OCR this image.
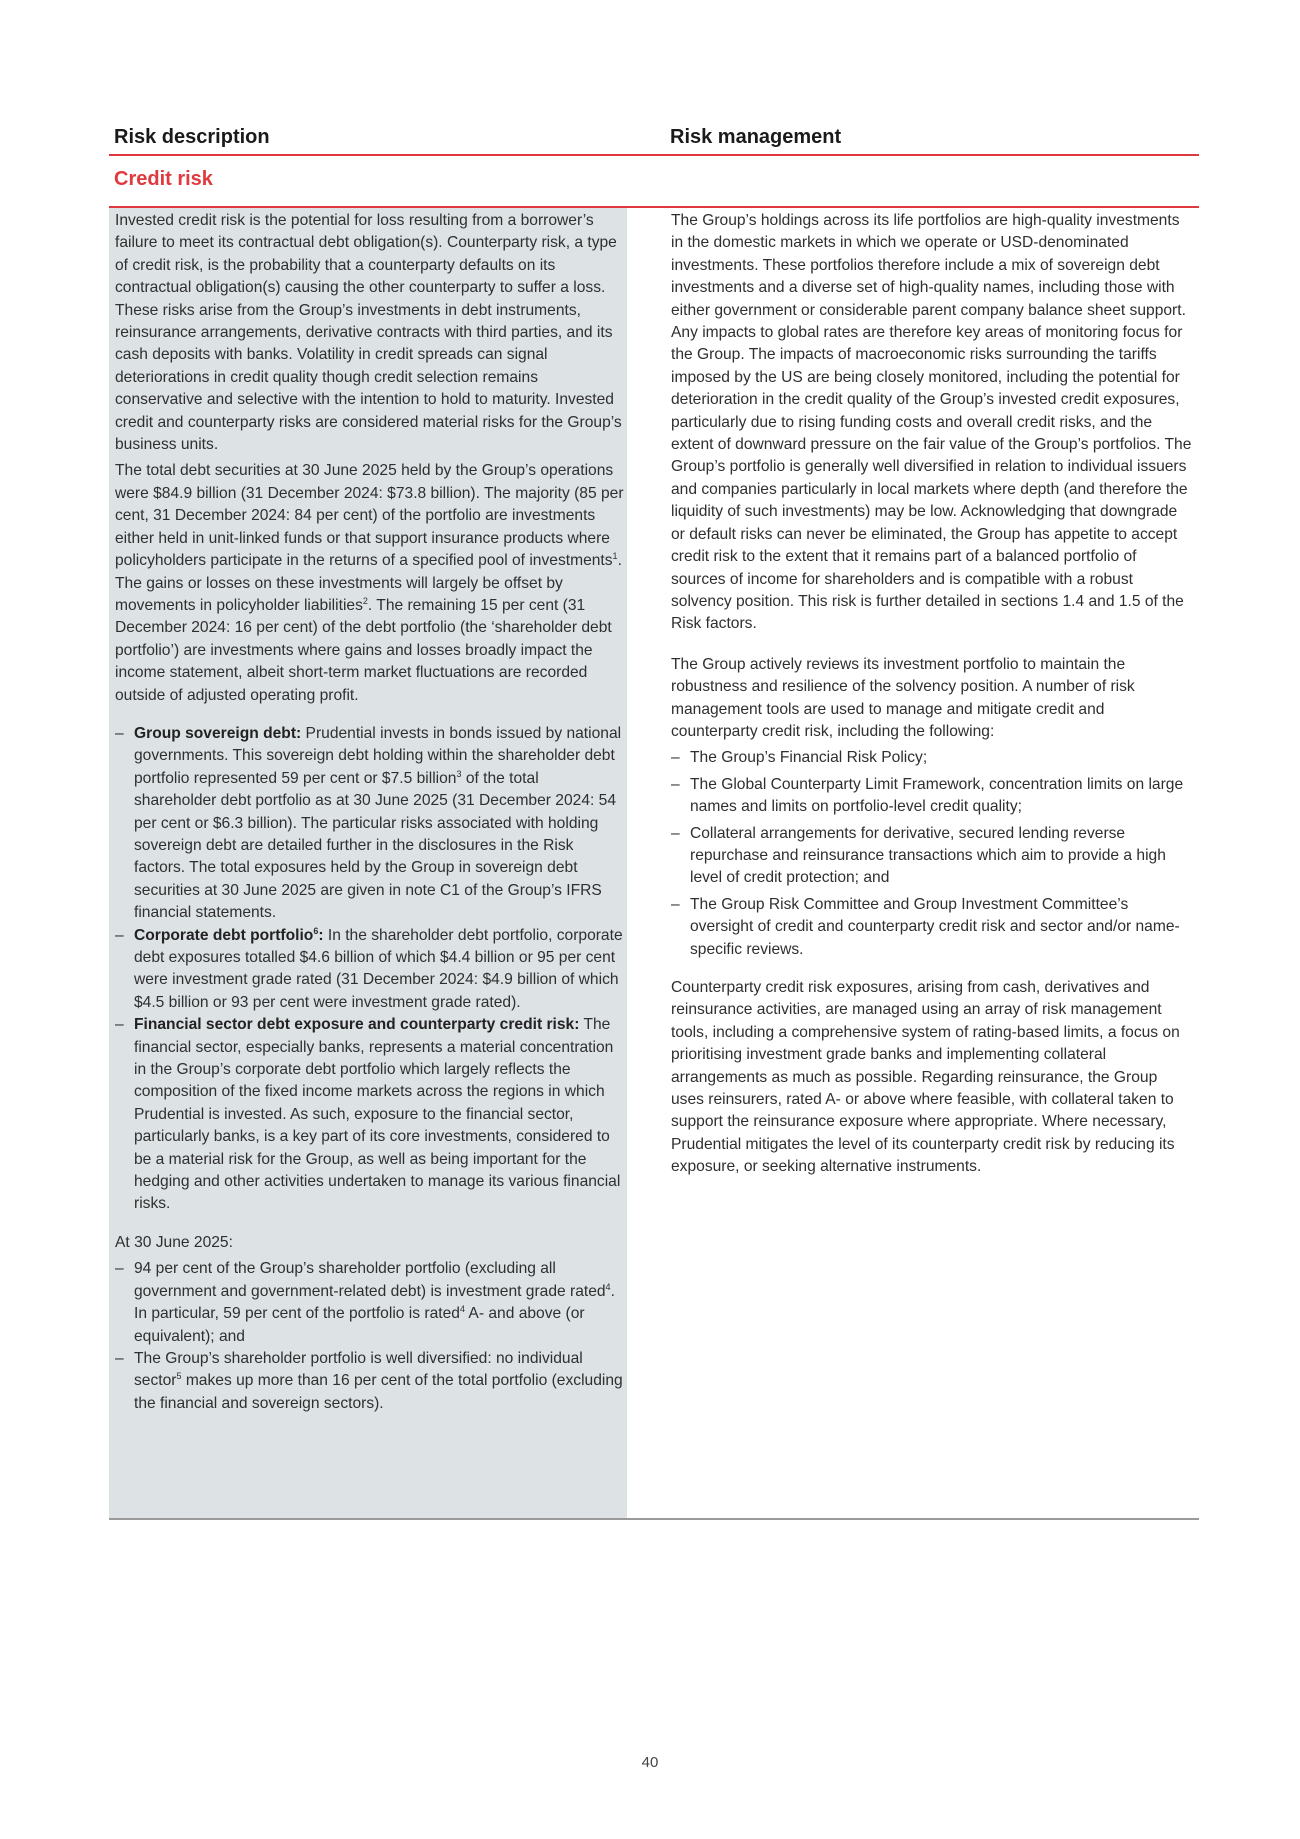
Risk description	Risk management
Credit risk

Invested credit risk is the potential for loss resulting from a borrower’s failure to meet its contractual debt obligation(s). Counterparty risk, a type of credit risk, is the probability that a counterparty defaults on its contractual obligation(s) causing the other counterparty to suffer a loss. These risks arise from the Group’s investments in debt instruments, reinsurance arrangements, derivative contracts with third parties, and its cash deposits with banks. Volatility in credit spreads can signal deteriorations in credit quality though credit selection remains conservative and selective with the intention to hold to maturity. Invested credit and counterparty risks are considered material risks for the Group’s business units.

The total debt securities at 30 June 2025 held by the Group’s operations were $84.9 billion (31 December 2024: $73.8 billion). The majority (85 per cent, 31 December 2024: 84 per cent) of the portfolio are investments either held in unit-linked funds or that support insurance products where policyholders participate in the returns of a specified pool of investments$^1$. The gains or losses on these investments will largely be offset by movements in policyholder liabilities$^2$. The remaining 15 per cent (31 December 2024: 16 per cent) of the debt portfolio (the ‘shareholder debt portfolio’) are investments where gains and losses broadly impact the income statement, albeit short-term market fluctuations are recorded outside of adjusted operating profit.

– Group sovereign debt: Prudential invests in bonds issued by national governments. This sovereign debt holding within the shareholder debt portfolio represented 59 per cent or $7.5 billion$^3$ of the total shareholder debt portfolio as at 30 June 2025 (31 December 2024: 54 per cent or $6.3 billion). The particular risks associated with holding sovereign debt are detailed further in the disclosures in the Risk factors. The total exposures held by the Group in sovereign debt securities at 30 June 2025 are given in note C1 of the Group’s IFRS financial statements.
– Corporate debt portfolio$^6$: In the shareholder debt portfolio, corporate debt exposures totalled $4.6 billion of which $4.4 billion or 95 per cent were investment grade rated (31 December 2024: $4.9 billion of which $4.5 billion or 93 per cent were investment grade rated).
– Financial sector debt exposure and counterparty credit risk: The financial sector, especially banks, represents a material concentration in the Group’s corporate debt portfolio which largely reflects the composition of the fixed income markets across the regions in which Prudential is invested. As such, exposure to the financial sector, particularly banks, is a key part of its core investments, considered to be a material risk for the Group, as well as being important for the hedging and other activities undertaken to manage its various financial risks.

At 30 June 2025:

– 94 per cent of the Group’s shareholder portfolio (excluding all government and government-related debt) is investment grade rated$^4$. In particular, 59 per cent of the portfolio is rated$^4$ A- and above (or equivalent); and
– The Group’s shareholder portfolio is well diversified: no individual sector$^5$ makes up more than 16 per cent of the total portfolio (excluding the financial and sovereign sectors).

The Group’s holdings across its life portfolios are high-quality investments in the domestic markets in which we operate or USD-denominated investments. These portfolios therefore include a mix of sovereign debt investments and a diverse set of high-quality names, including those with either government or considerable parent company balance sheet support. Any impacts to global rates are therefore key areas of monitoring focus for the Group. The impacts of macroeconomic risks surrounding the tariffs imposed by the US are being closely monitored, including the potential for deterioration in the credit quality of the Group’s invested credit exposures, particularly due to rising funding costs and overall credit risks, and the extent of downward pressure on the fair value of the Group’s portfolios. The Group’s portfolio is generally well diversified in relation to individual issuers and companies particularly in local markets where depth (and therefore the liquidity of such investments) may be low. Acknowledging that downgrade or default risks can never be eliminated, the Group has appetite to accept credit risk to the extent that it remains part of a balanced portfolio of sources of income for shareholders and is compatible with a robust solvency position. This risk is further detailed in sections 1.4 and 1.5 of the Risk factors.

The Group actively reviews its investment portfolio to maintain the robustness and resilience of the solvency position. A number of risk management tools are used to manage and mitigate credit and counterparty credit risk, including the following:

– The Group’s Financial Risk Policy;
– The Global Counterparty Limit Framework, concentration limits on large names and limits on portfolio-level credit quality;
– Collateral arrangements for derivative, secured lending reverse repurchase and reinsurance transactions which aim to provide a high level of credit protection; and
– The Group Risk Committee and Group Investment Committee’s oversight of credit and counterparty credit risk and sector and/or name-specific reviews.

Counterparty credit risk exposures, arising from cash, derivatives and reinsurance activities, are managed using an array of risk management tools, including a comprehensive system of rating-based limits, a focus on prioritising investment grade banks and implementing collateral arrangements as much as possible. Regarding reinsurance, the Group uses reinsurers, rated A- or above where feasible, with collateral taken to support the reinsurance exposure where appropriate. Where necessary, Prudential mitigates the level of its counterparty credit risk by reducing its exposure, or seeking alternative instruments.

40
